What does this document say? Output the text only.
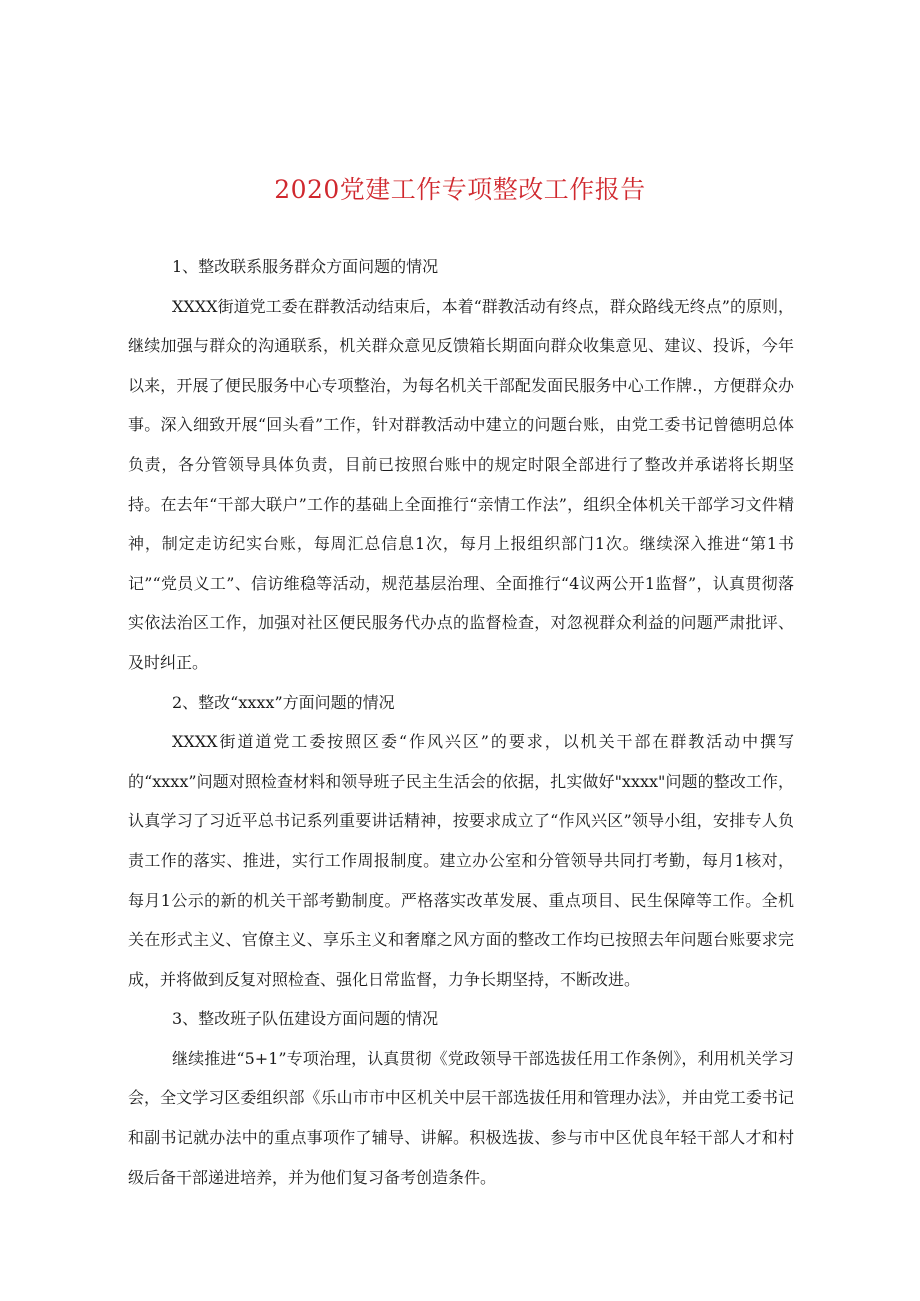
2020党建工作专项整改工作报告

1、整改联系服务群众方面问题的情况

XXXX街道党工委在群教活动结束后，本着“群教活动有终点，群众路线无终点”的原则，继续加强与群众的沟通联系，机关群众意见反馈箱长期面向群众收集意见、建议、投诉，今年以来，开展了便民服务中心专项整治，为每名机关干部配发面民服务中心工作牌.，方便群众办事。深入细致开展“回头看”工作，针对群教活动中建立的问题台账，由党工委书记曾德明总体负责，各分管领导具体负责，目前已按照台账中的规定时限全部进行了整改并承诺将长期坚持。在去年“干部大联户”工作的基础上全面推行“亲情工作法”，组织全体机关干部学习文件精神，制定走访纪实台账，每周汇总信息1次，每月上报组织部门1次。继续深入推进“第1书记”“党员义工”、信访维稳等活动，规范基层治理、全面推行“4议两公开1监督”，认真贯彻落实依法治区工作，加强对社区便民服务代办点的监督检查，对忽视群众利益的问题严肃批评、及时纠正。

2、整改“xxxx”方面问题的情况

XXXX街道道党工委按照区委“作风兴区”的要求，以机关干部在群教活动中撰写的“xxxx”问题对照检查材料和领导班子民主生活会的依据，扎实做好"xxxx"问题的整改工作，认真学习了习近平总书记系列重要讲话精神，按要求成立了“作风兴区”领导小组，安排专人负责工作的落实、推进，实行工作周报制度。建立办公室和分管领导共同打考勤，每月1核对，每月1公示的新的机关干部考勤制度。严格落实改革发展、重点项目、民生保障等工作。全机关在形式主义、官僚主义、享乐主义和奢靡之风方面的整改工作均已按照去年问题台账要求完成，并将做到反复对照检查、强化日常监督，力争长期坚持，不断改进。

3、整改班子队伍建设方面问题的情况

继续推进“5+1”专项治理，认真贯彻《党政领导干部选拔任用工作条例》，利用机关学习会，全文学习区委组织部《乐山市市中区机关中层干部选拔任用和管理办法》，并由党工委书记和副书记就办法中的重点事项作了辅导、讲解。积极选拔、参与市中区优良年轻干部人才和村级后备干部递进培养，并为他们复习备考创造条件。
